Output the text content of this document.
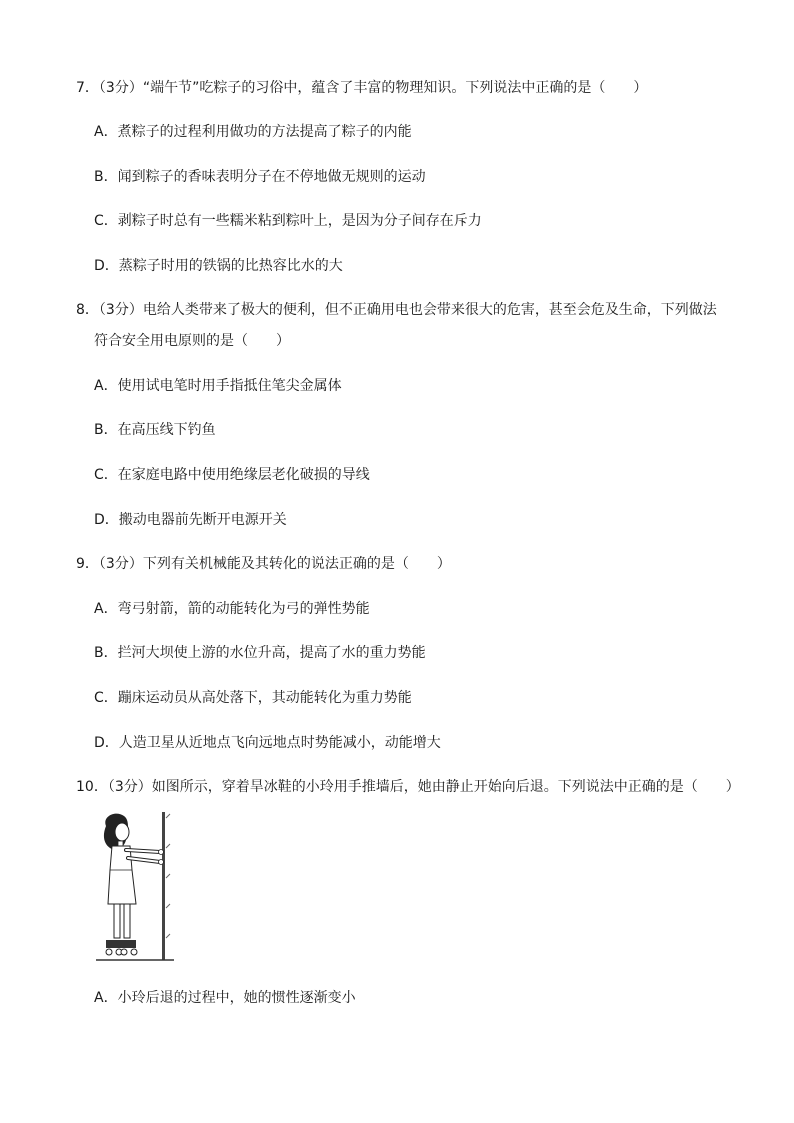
7．（3分）“端午节”吃粽子的习俗中，蕴含了丰富的物理知识。下列说法中正确的是（　　）
A．煮粽子的过程利用做功的方法提高了粽子的内能
B．闻到粽子的香味表明分子在不停地做无规则的运动
C．剥粽子时总有一些糯米粘到粽叶上，是因为分子间存在斥力
D．蒸粽子时用的铁锅的比热容比水的大
8．（3分）电给人类带来了极大的便利，但不正确用电也会带来很大的危害，甚至会危及生命，下列做法
符合安全用电原则的是（　　）
A．使用试电笔时用手指抵住笔尖金属体
B．在高压线下钓鱼
C．在家庭电路中使用绝缘层老化破损的导线
D．搬动电器前先断开电源开关
9．（3分）下列有关机械能及其转化的说法正确的是（　　）
A．弯弓射箭，箭的动能转化为弓的弹性势能
B．拦河大坝使上游的水位升高，提高了水的重力势能
C．蹦床运动员从高处落下，其动能转化为重力势能
D．人造卫星从近地点飞向远地点时势能减小，动能增大
10．（3分）如图所示，穿着旱冰鞋的小玲用手推墙后，她由静止开始向后退。下列说法中正确的是（　　）
A．小玲后退的过程中，她的惯性逐渐变小
